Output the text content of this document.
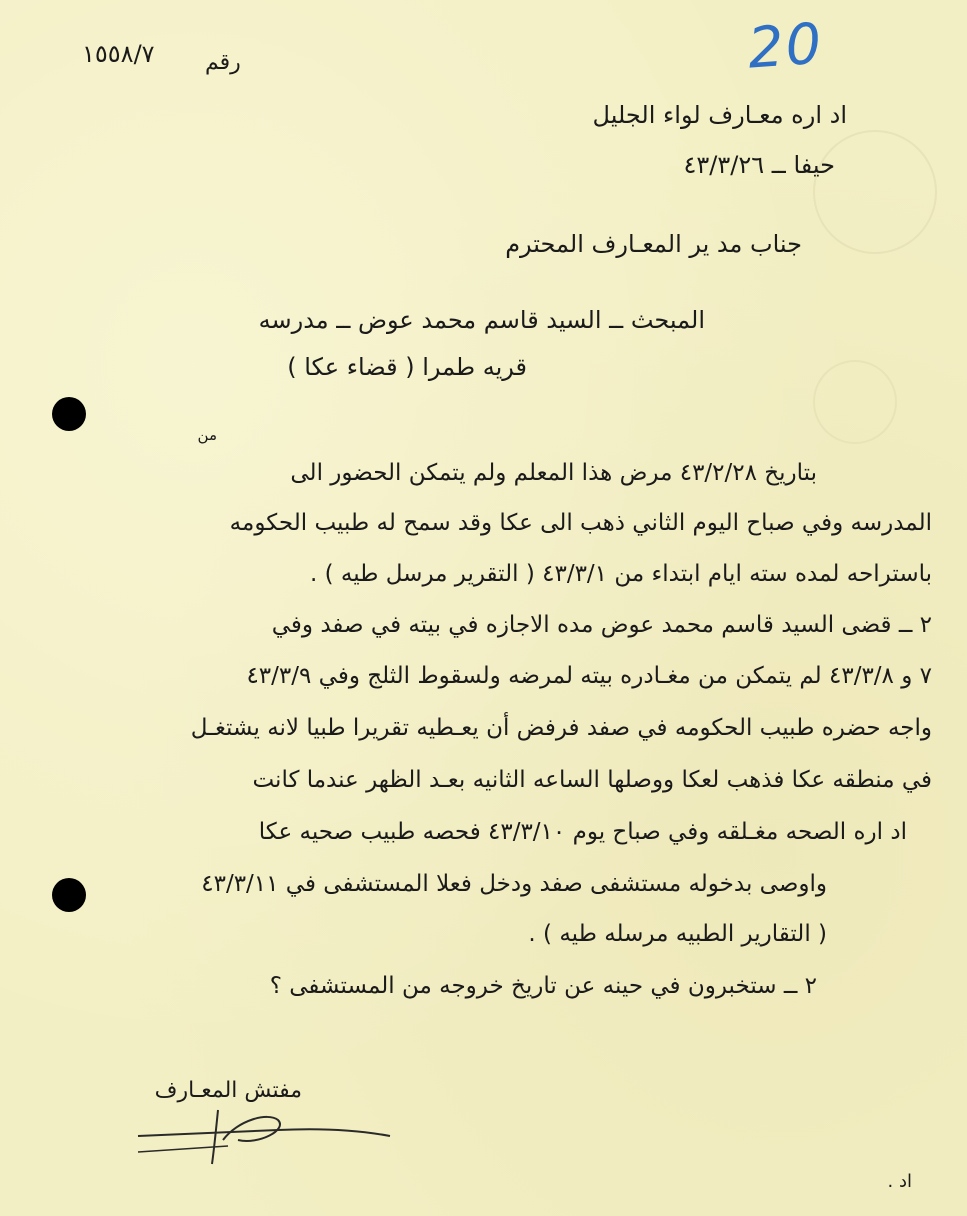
20
١٥٥٨/٧ رقم
اد اره معـارف لواء الجليل
حيفا ــ ٤٣/٣/٢٦
جناب مد ير المعـارف المحترم
المبحث ــ السيد قاسم محمد عوض ــ مدرسه
قريه طمرا ( قضاء عكا )
من
بتاريخ ٤٣/٢/٢٨ مرض هذا المعلم ولم يتمكن الحضور الى
المدرسه وفي صباح اليوم الثاني ذهب الى عكا وقد سمح له طبيب الحكومه
باستراحه لمده سته ايام ابتداء من ٤٣/٣/١ ( التقرير مرسل طيه ) .
٢ ــ قضى السيد قاسم محمد عوض مده الاجازه في بيته في صفد وفي
٧ و ٤٣/٣/٨ لم يتمكن من مغـادره بيته لمرضه ولسقوط الثلج وفي ٤٣/٣/٩
واجه حضره طبيب الحكومه في صفد فرفض أن يعـطيه تقريرا طبيا لانه يشتغـل
في منطقه عكا فذهب لعكا ووصلها الساعه الثانيه بعـد الظهر عندما كانت
اد اره الصحه مغـلقه وفي صباح يوم ٤٣/٣/١٠ فحصه طبيب صحيه عكا
واوصى بدخوله مستشفى صفد ودخل فعلا المستشفى في ٤٣/٣/١١
( التقارير الطبيه مرسله طيه ) .
٢ ــ ستخبرون في حينه عن تاريخ خروجه من المستشفى ؟
مفتش المعـارف
اد .
